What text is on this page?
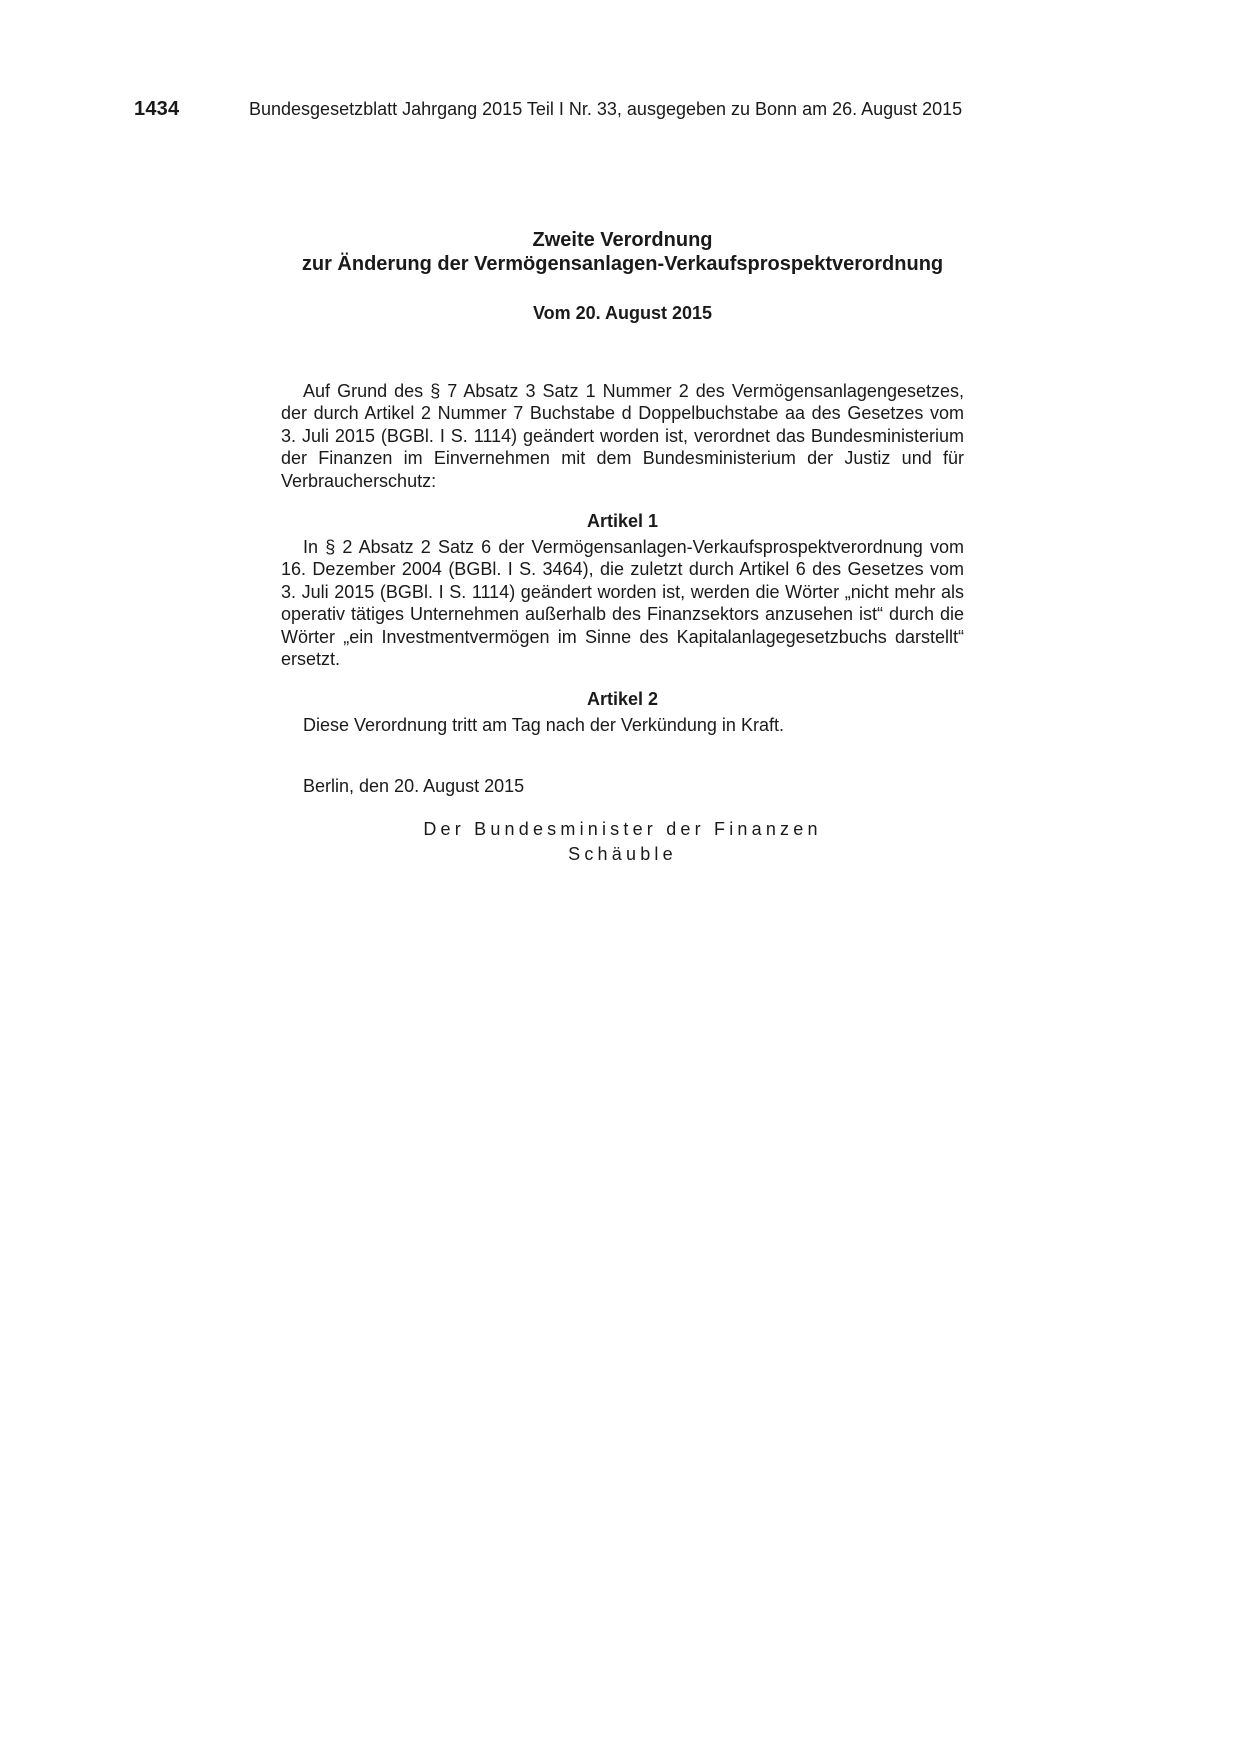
1434	Bundesgesetzblatt Jahrgang 2015 Teil I Nr. 33, ausgegeben zu Bonn am 26. August 2015
Zweite Verordnung
zur Änderung der Vermögensanlagen-Verkaufsprospektverordnung

Vom 20. August 2015

Auf Grund des § 7 Absatz 3 Satz 1 Nummer 2 des Vermögensanlagengesetzes, der durch Artikel 2 Nummer 7 Buchstabe d Doppelbuchstabe aa des Gesetzes vom 3. Juli 2015 (BGBl. I S. 1114) geändert worden ist, verordnet das Bundesministerium der Finanzen im Einvernehmen mit dem Bundesministerium der Justiz und für Verbraucherschutz:

Artikel 1

In § 2 Absatz 2 Satz 6 der Vermögensanlagen-Verkaufsprospektverordnung vom 16. Dezember 2004 (BGBl. I S. 3464), die zuletzt durch Artikel 6 des Gesetzes vom 3. Juli 2015 (BGBl. I S. 1114) geändert worden ist, werden die Wörter „nicht mehr als operativ tätiges Unternehmen außerhalb des Finanzsektors anzusehen ist“ durch die Wörter „ein Investmentvermögen im Sinne des Kapitalanlagegesetzbuchs darstellt“ ersetzt.

Artikel 2

Diese Verordnung tritt am Tag nach der Verkündung in Kraft.

Berlin, den 20. August 2015

Der Bundesminister der Finanzen
Schäuble
